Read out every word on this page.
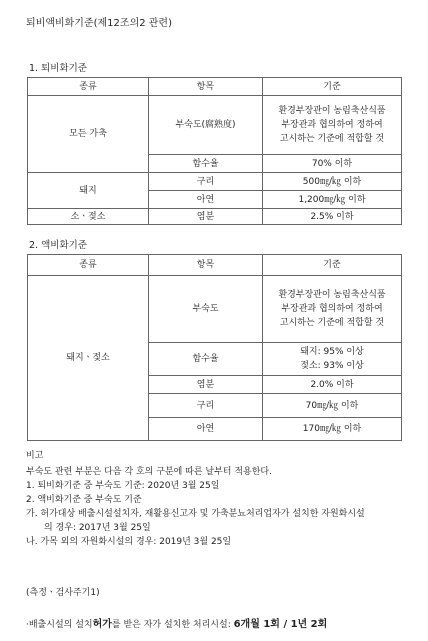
퇴비액비화기준(제12조의2 관련)
1. 퇴비화기준
종류	항목	기준
모든 가축	부숙도(腐熟度)	환경부장관이 농림축산식품
부장관과 협의하여 정하여
고시하는 기준에 적합할 것

	함수율	70% 이하
돼지	구리	500㎎/㎏ 이하
	아연	1,200㎎/㎏ 이하
소ㆍ젖소	염분	2.5% 이하
2. 액비화기준
종류	항목	기준
돼지ㆍ젖소	부숙도	환경부장관이 농림축산식품
부장관과 협의하여 정하여
고시하는 기준에 적합할 것

	함수율	돼지: 95% 이상
젖소: 93% 이상

	염분	2.0% 이하
	구리	70㎎/㎏ 이하
	아연	170㎎/㎏ 이하
비고
부숙도 관련 부분은 다음 각 호의 구분에 따른 날부터 적용한다.
1. 퇴비화기준 중 부숙도 기준: 2020년 3월 25일
2. 액비화기준 중 부숙도 기준
가. 허가대상 배출시설설치자, 재활용신고자 및 가축분뇨처리업자가 설치한 자원화시설
의 경우: 2017년 3월 25일
나. 가목 외의 자원화시설의 경우: 2019년 3월 25일
(측정ㆍ검사주기1)
·배출시설의 설치허가를 받은 자가 설치한 처리시설: 6개월 1회 / 1년 2회
